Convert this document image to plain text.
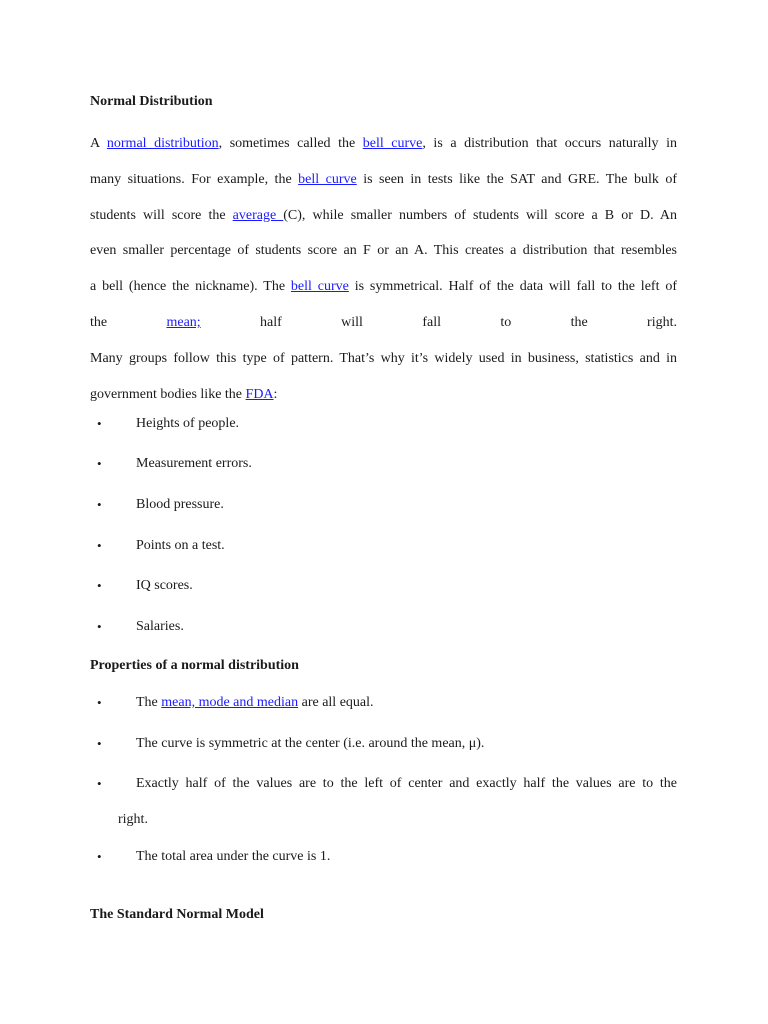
Normal Distribution
A normal distribution, sometimes called the bell curve, is a distribution that occurs naturally in
many situations. For example, the bell curve is seen in tests like the SAT and GRE. The bulk of
students will score the average (C), while smaller numbers of students will score a B or D. An
even smaller percentage of students score an F or an A. This creates a distribution that resembles
a bell (hence the nickname). The bell curve is symmetrical. Half of the data will fall to the left of
the mean;	half	will	fall	to	the	right.
Many groups follow this type of pattern. That’s why it’s widely used in business, statistics and in
government bodies like the FDA:
• Heights of people.
• Measurement errors.
• Blood pressure.
• Points on a test.
• IQ scores.
• Salaries.
Properties of a normal distribution
• The mean, mode and median are all equal.
• The curve is symmetric at the center (i.e. around the mean, μ).
• Exactly half of the values are to the left of center and exactly half the values are to the
right.
• The total area under the curve is 1.
The Standard Normal Model
